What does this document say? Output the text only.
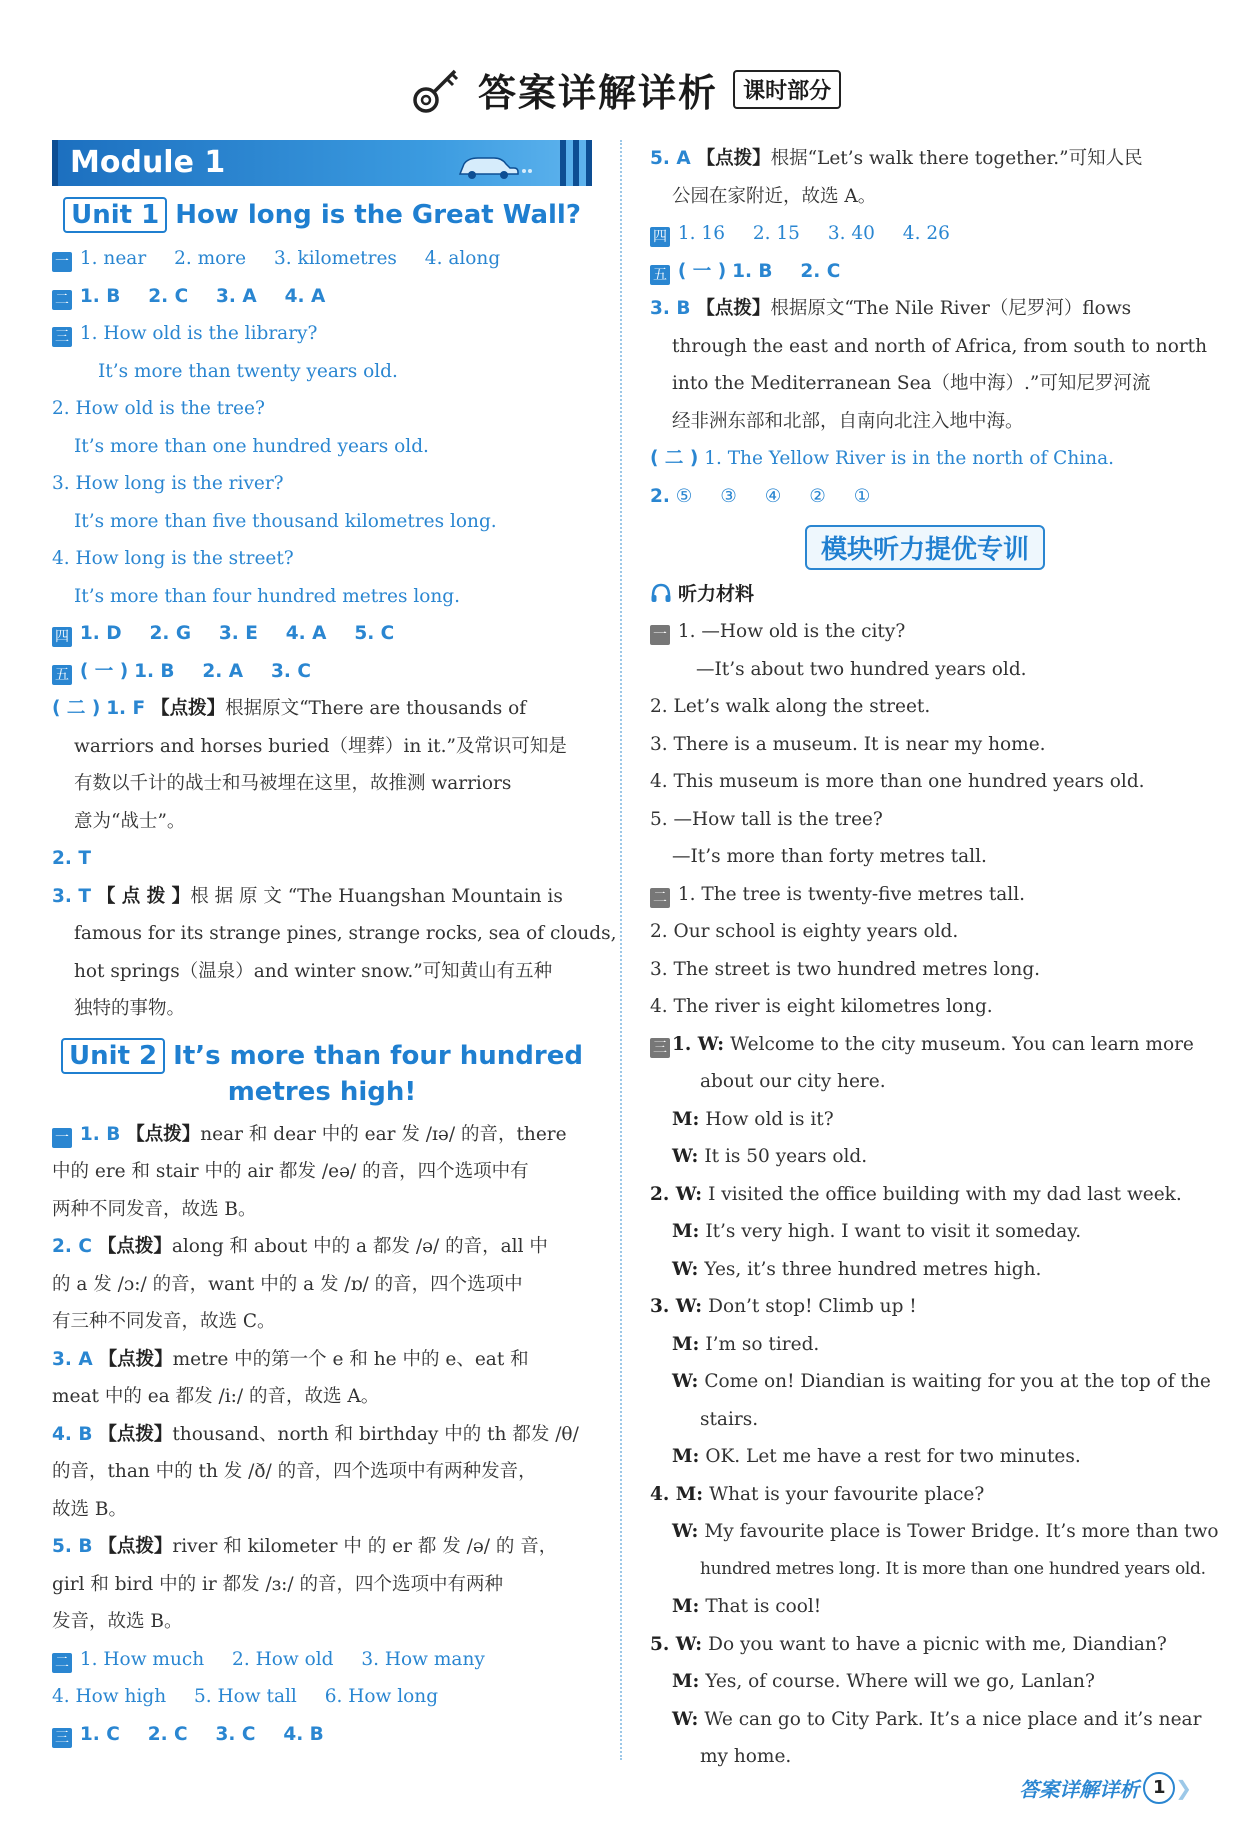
答案详解详析 课时部分
Module 1
Unit 1 How long is the Great Wall?
一 1. near 2. more 3. kilometres 4. along
二 1. B 2. C 3. A 4. A
三 1. How old is the library?
It’s more than twenty years old.
2. How old is the tree?
It’s more than one hundred years old.
3. How long is the river?
It’s more than five thousand kilometres long.
4. How long is the street?
It’s more than four hundred metres long.
四 1. D 2. G 3. E 4. A 5. C
五 ( 一 ) 1. B 2. A 3. C
( 二 ) 1. F 【点拨】根据原文“There are thousands of
warriors and horses buried（埋葬）in it.”及常识可知是
有数以千计的战士和马被埋在这里，故推测 warriors
意为“战士”。
2. T
3. T 【 点 拨 】根 据 原 文 “The Huangshan Mountain is
famous for its strange pines, strange rocks, sea of clouds,
hot springs（温泉）and winter snow.”可知黄山有五种
独特的事物。
Unit 2 It’s more than four hundred
metres high!
一 1. B 【点拨】near 和 dear 中的 ear 发 /ɪə/ 的音，there
中的 ere 和 stair 中的 air 都发 /eə/ 的音，四个选项中有
两种不同发音，故选 B。
2. C 【点拨】along 和 about 中的 a 都发 /ə/ 的音，all 中
的 a 发 /ɔ:/ 的音，want 中的 a 发 /ɒ/ 的音，四个选项中
有三种不同发音，故选 C。
3. A 【点拨】metre 中的第一个 e 和 he 中的 e、eat 和
meat 中的 ea 都发 /i:/ 的音，故选 A。
4. B 【点拨】thousand、north 和 birthday 中的 th 都发 /θ/
的音，than 中的 th 发 /ð/ 的音，四个选项中有两种发音，
故选 B。
5. B 【点拨】river 和 kilometer 中 的 er 都 发 /ə/ 的 音，
girl 和 bird 中的 ir 都发 /ɜ:/ 的音，四个选项中有两种
发音，故选 B。
二 1. How much 2. How old 3. How many
4. How high 5. How tall 6. How long
三 1. C 2. C 3. C 4. B
5. A 【点拨】根据“Let’s walk there together.”可知人民
公园在家附近，故选 A。
四 1. 16 2. 15 3. 40 4. 26
五 ( 一 ) 1. B 2. C
3. B 【点拨】根据原文“The Nile River（尼罗河）flows
through the east and north of Africa, from south to north
into the Mediterranean Sea（地中海）.”可知尼罗河流
经非洲东部和北部，自南向北注入地中海。
( 二 ) 1. The Yellow River is in the north of China.
2. ⑤ ③ ④ ② ①
模块听力提优专训
听力材料
一 1. —How old is the city?
—It’s about two hundred years old.
2. Let’s walk along the street.
3. There is a museum. It is near my home.
4. This museum is more than one hundred years old.
5. —How tall is the tree?
—It’s more than forty metres tall.
二 1. The tree is twenty-five metres tall.
2. Our school is eighty years old.
3. The street is two hundred metres long.
4. The river is eight kilometres long.
三 1. W: Welcome to the city museum. You can learn more
about our city here.
M: How old is it?
W: It is 50 years old.
2. W: I visited the office building with my dad last week.
M: It’s very high. I want to visit it someday.
W: Yes, it’s three hundred metres high.
3. W: Don’t stop! Climb up !
M: I’m so tired.
W: Come on! Diandian is waiting for you at the top of the
stairs.
M: OK. Let me have a rest for two minutes.
4. M: What is your favourite place?
W: My favourite place is Tower Bridge. It’s more than two
hundred metres long. It is more than one hundred years old.
M: That is cool!
5. W: Do you want to have a picnic with me, Diandian?
M: Yes, of course. Where will we go, Lanlan?
W: We can go to City Park. It’s a nice place and it’s near
my home.
答案详解详析 1 ❯
